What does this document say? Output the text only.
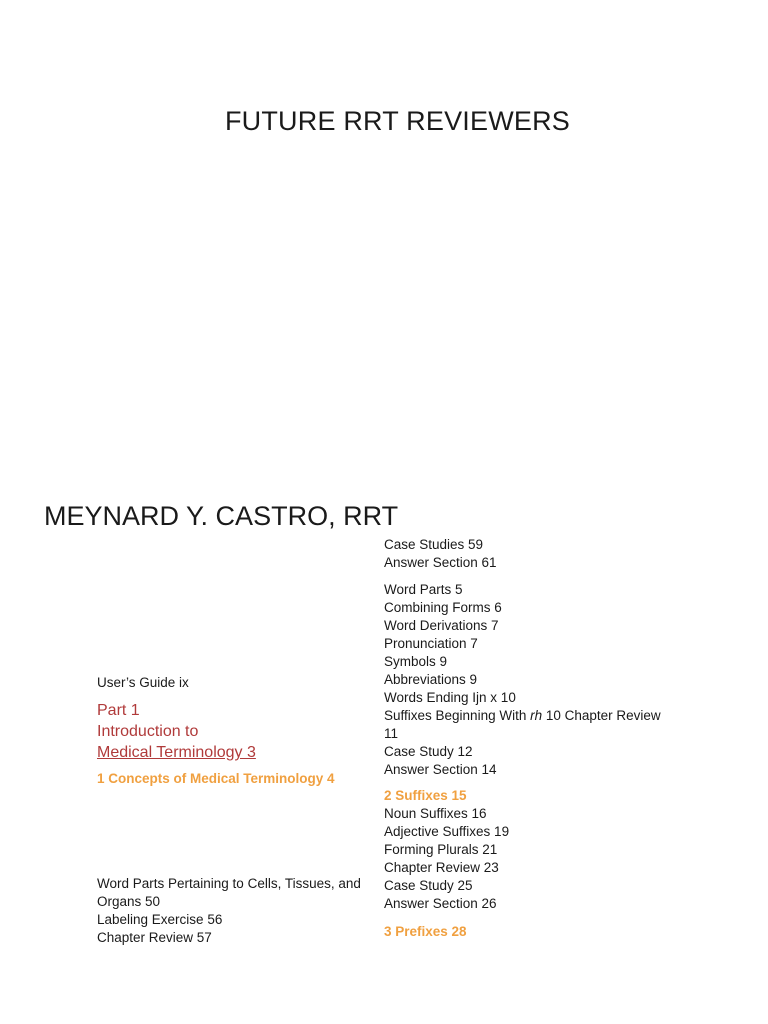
FUTURE RRT REVIEWERS
MEYNARD Y. CASTRO, RRT
User’s Guide ix
Part 1
Introduction to
Medical Terminology 3
1 Concepts of Medical Terminology 4
Word Parts Pertaining to Cells, Tissues, and
Organs 50
Labeling Exercise 56
Chapter Review 57
Case Studies 59
Answer Section 61
Word Parts 5
Combining Forms 6
Word Derivations 7
Pronunciation 7
Symbols 9
Abbreviations 9
Words Ending Ijn x 10
Suffixes Beginning With rh 10 Chapter Review
11
Case Study 12
Answer Section 14
2 Suffixes 15
Noun Suffixes 16
Adjective Suffixes 19
Forming Plurals 21
Chapter Review 23
Case Study 25
Answer Section 26
3 Prefixes 28
